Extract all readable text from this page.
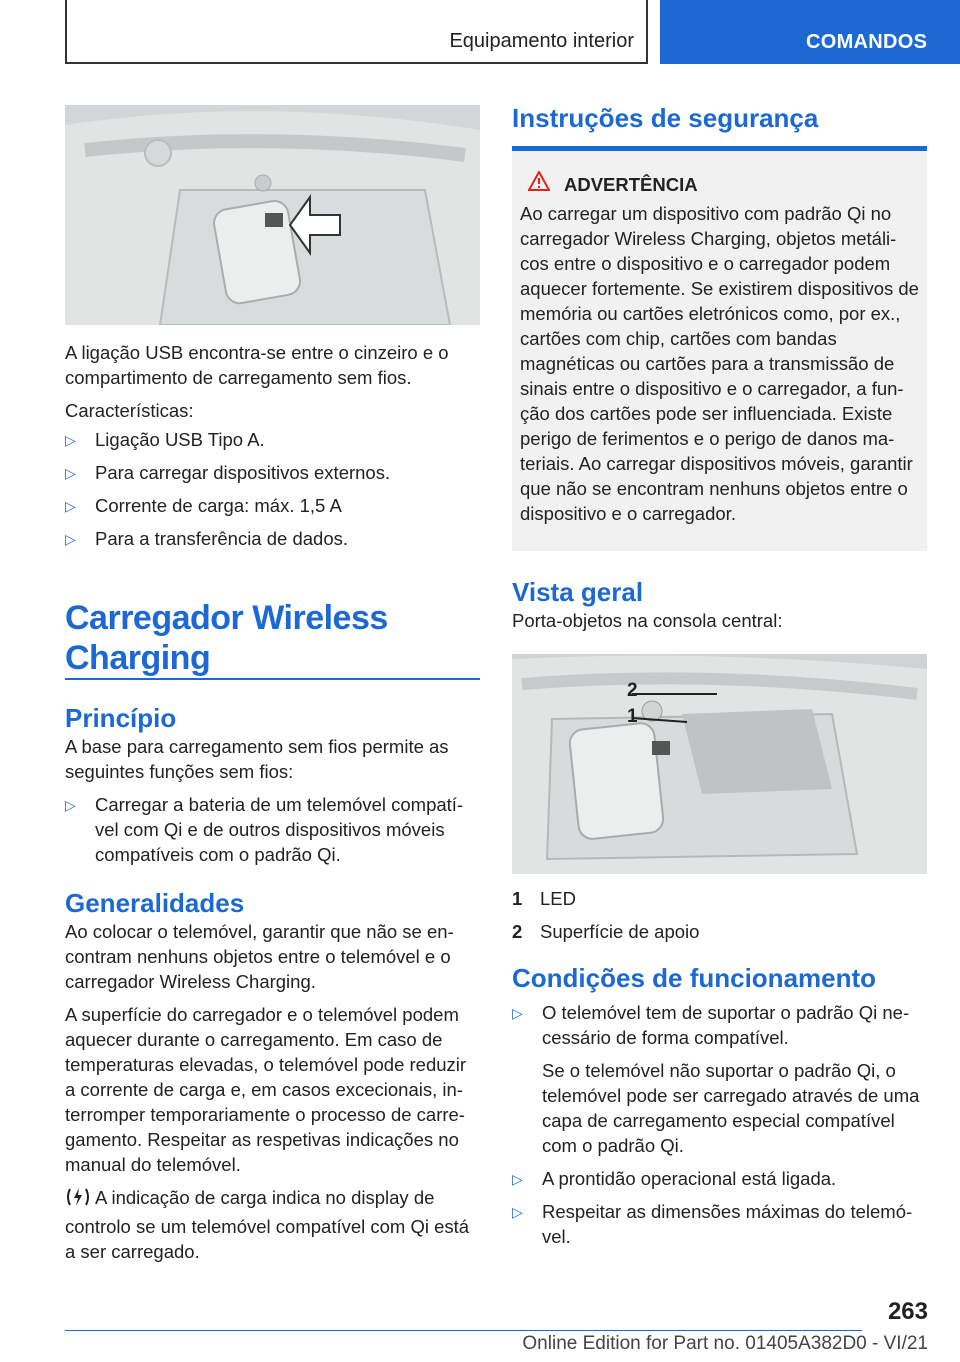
Equipamento interior	COMANDOS

A ligação USB encontra-se entre o cinzeiro e o compartimento de carregamento sem fios.

Características:

▷ Ligação USB Tipo A.
▷ Para carregar dispositivos externos.
▷ Corrente de carga: máx. 1,5 A
▷ Para a transferência de dados.
Carregador Wireless
Charging
Princípio

A base para carregamento sem fios permite as seguintes funções sem fios:

▷ Carregar a bateria de um telemóvel compatí-
vel com Qi e de outros dispositivos móveis
compatíveis com o padrão Qi.
Generalidades

Ao colocar o telemóvel, garantir que não se en- contram nenhuns objetos entre o telemóvel e o carregador Wireless Charging.

A superfície do carregador e o telemóvel podem aquecer durante o carregamento. Em caso de temperaturas elevadas, o telemóvel pode reduzir a corrente de carga e, em casos excecionais, in- terromper temporariamente o processo de carre- gamento. Respeitar as respetivas indicações no manual do telemóvel.

A indicação de carga indica no display de controlo se um telemóvel compatível com Qi está a ser carregado.

Instruções de segurança
ADVERTÊNCIA

Ao carregar um dispositivo com padrão Qi no carregador Wireless Charging, objetos metáli- cos entre o dispositivo e o carregador podem aquecer fortemente. Se existirem dispositivos de memória ou cartões eletrónicos como, por ex., cartões com chip, cartões com bandas magnéticas ou cartões para a transmissão de sinais entre o dispositivo e o carregador, a fun- ção dos cartões pode ser influenciada. Existe perigo de ferimentos e o perigo de danos ma- teriais. Ao carregar dispositivos móveis, garantir que não se encontram nenhuns objetos entre o dispositivo e o carregador.

Vista geral

Porta-objetos na consola central:

2
1
1 LED
2 Superfície de apoio
Condições de funcionamento
▷ O telemóvel tem de suportar o padrão Qi ne- cessário de forma compatível.

Se o telemóvel não suportar o padrão Qi, o telemóvel pode ser carregado através de uma capa de carregamento especial compatível com o padrão Qi.

▷ A prontidão operacional está ligada.
▷ Respeitar as dimensões máximas do telemó- vel.
263
Online Edition for Part no. 01405A382D0 - VI/21
